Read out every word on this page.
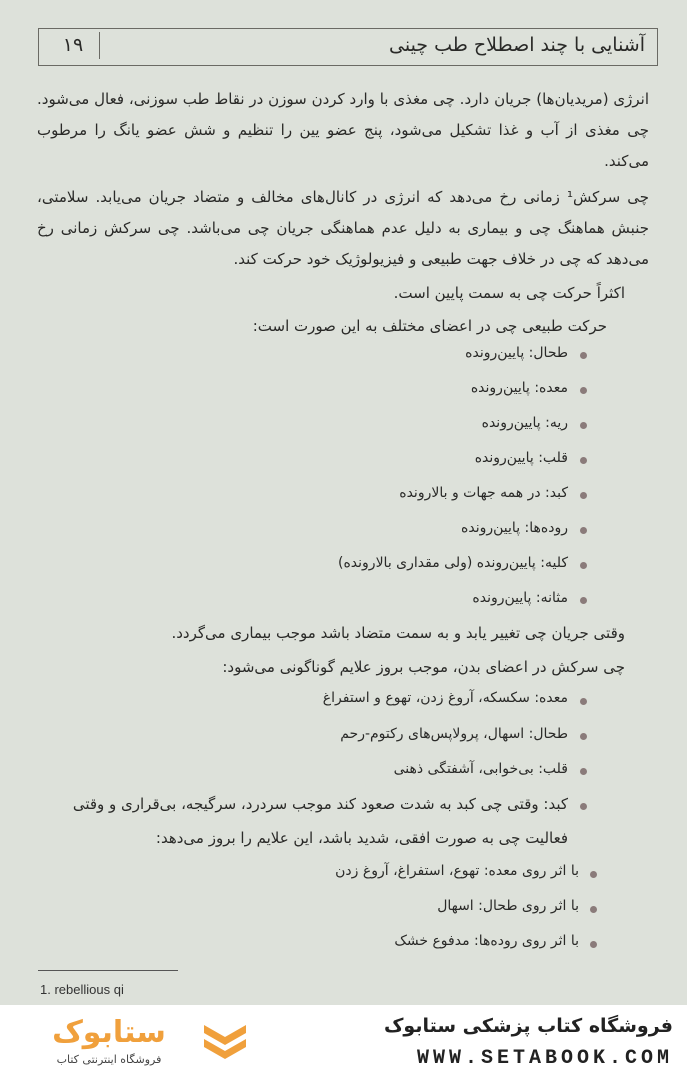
آشنایی با چند اصطلاح طب چینی
۱۹
انرژی (مریدیان‌ها) جریان دارد. چی مغذی با وارد کردن سوزن در نقاط طب سوزنی، فعال می‌شود. چی مغذی از آب و غذا تشکیل می‌شود، پنج عضو یین را تنظیم و شش عضو یانگ را مرطوب می‌کند.
چی سرکش¹ زمانی رخ می‌دهد که انرژی در کانال‌های مخالف و متضاد جریان می‌یابد. سلامتی، جنبش هماهنگ چی و بیماری به دلیل عدم هماهنگی جریان چی می‌باشد. چی سرکش زمانی رخ می‌دهد که چی در خلاف جهت طبیعی و فیزیولوژیک خود حرکت کند.
اکثراً حرکت چی به سمت پایین است.
حرکت طبیعی چی در اعضای مختلف به این صورت است:
طحال: پایین‌رونده
معده: پایین‌رونده
ریه: پایین‌رونده
قلب: پایین‌رونده
کبد: در همه جهات و بالارونده
روده‌ها: پایین‌رونده
کلیه: پایین‌رونده (ولی مقداری بالارونده)
مثانه: پایین‌رونده
وقتی جریان چی تغییر یابد و به سمت متضاد باشد موجب بیماری می‌گردد.
چی سرکش در اعضای بدن، موجب بروز علایم گوناگونی می‌شود:
معده: سکسکه، آروغ زدن، تهوع و استفراغ
طحال: اسهال، پرولاپس‌های رکتوم-رحم
قلب: بی‌خوابی، آشفتگی ذهنی
کبد: وقتی چی کبد به شدت صعود کند موجب سردرد، سرگیجه، بی‌قراری و وقتی
فعالیت چی به صورت افقی، شدید باشد، این علایم را بروز می‌دهد:
با اثر روی معده: تهوع، استفراغ، آروغ زدن
با اثر روی طحال: اسهال
با اثر روی روده‌ها: مدفوع خشک
1. rebellious qi
ستابوک
فروشگاه اینترنتی کتاب
فروشگاه کتاب پزشکی ستابوک
WWW.SETABOOK.COM
